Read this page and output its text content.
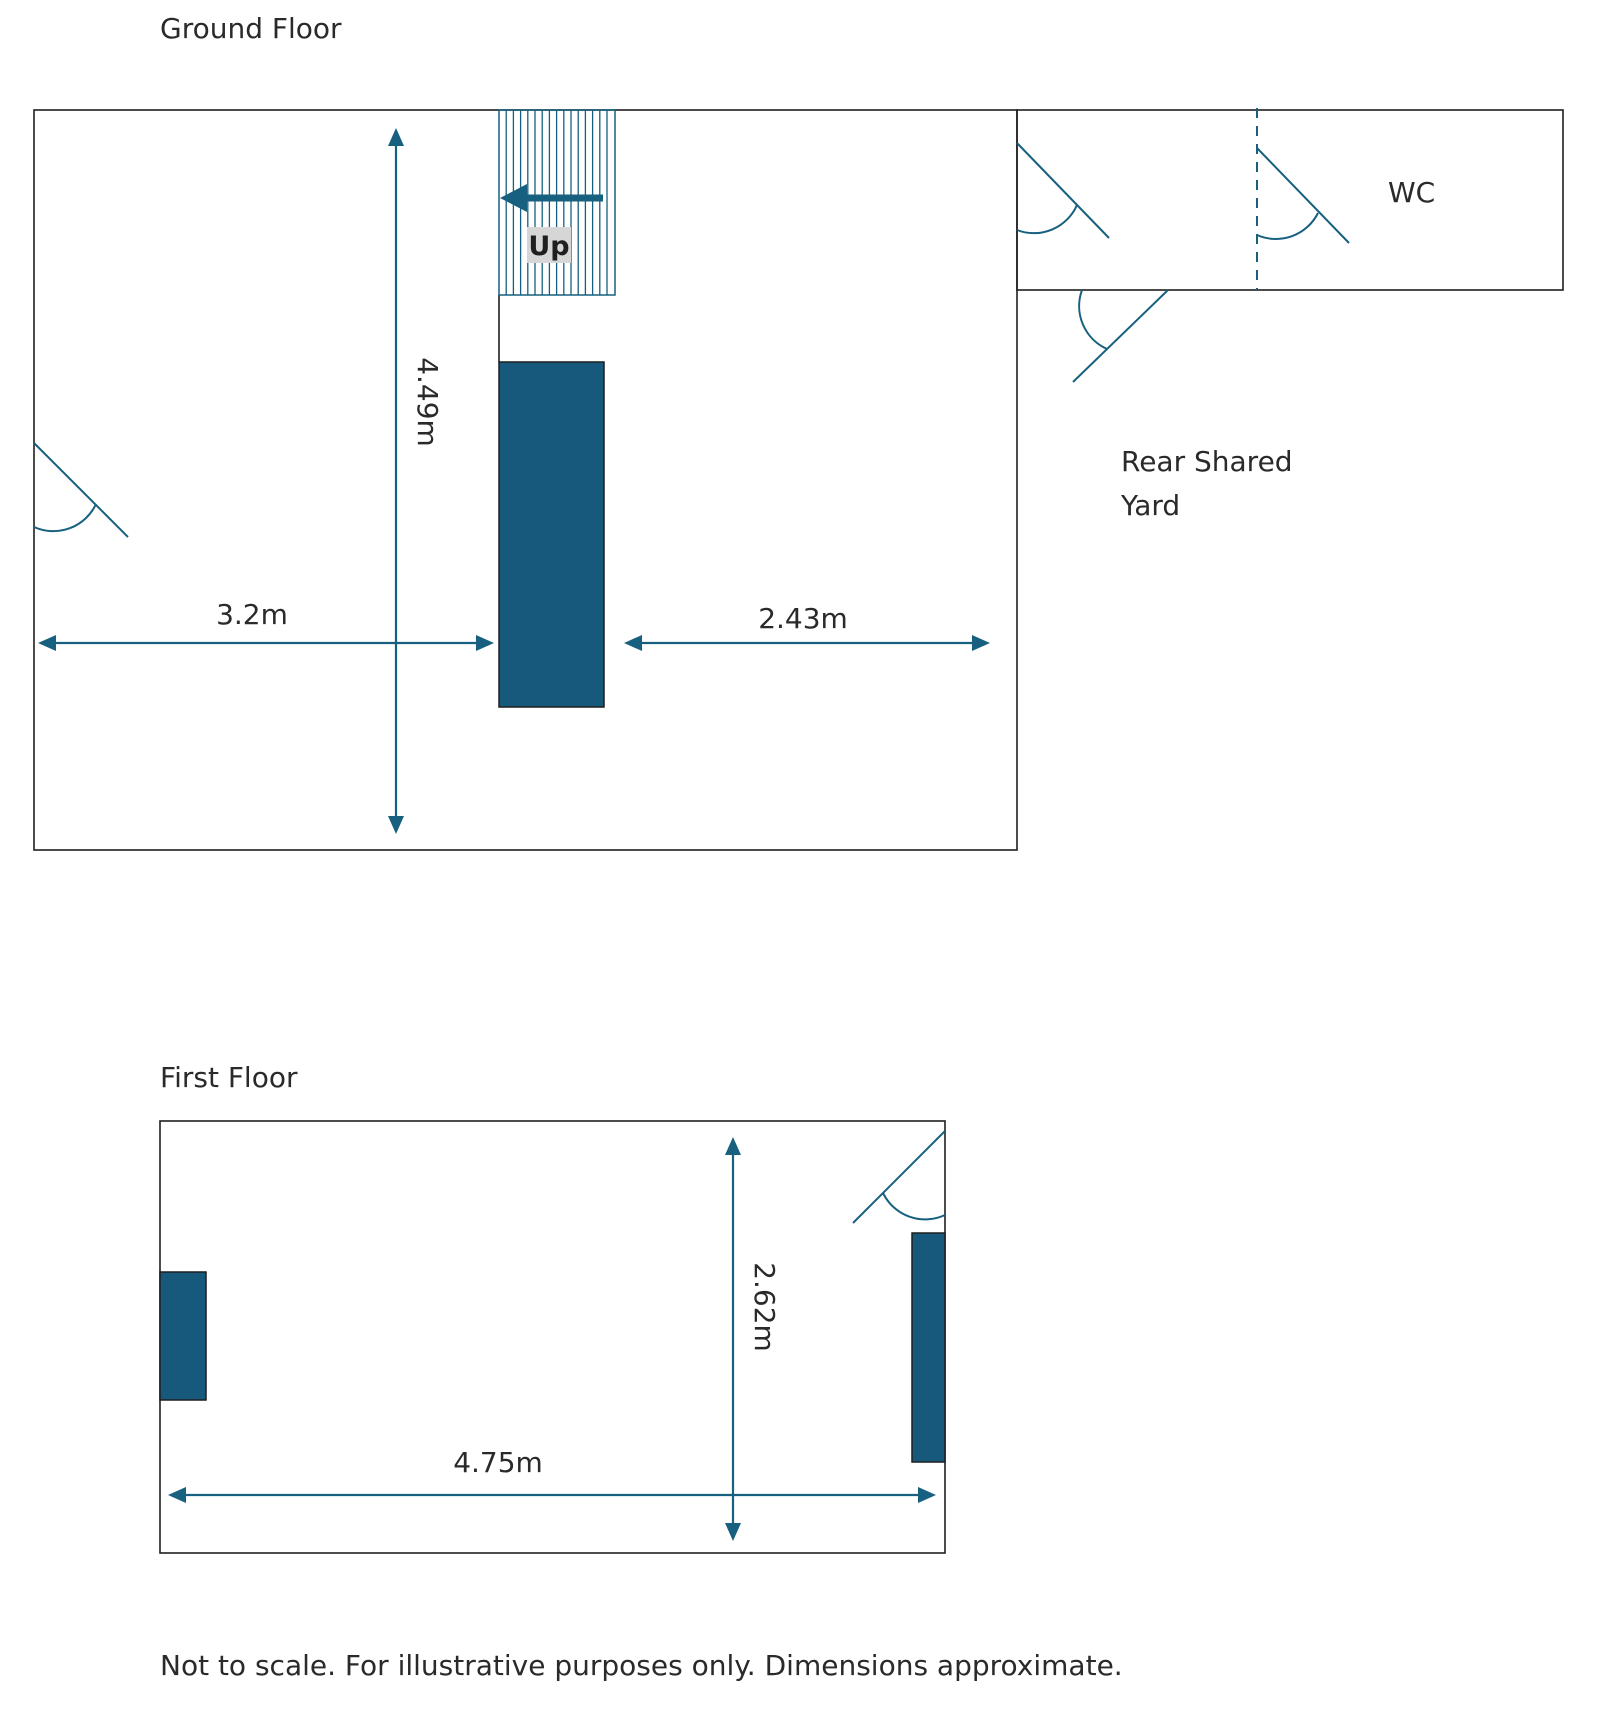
Ground Floor
Up
4.49m
3.2m	2.43m
WC
Rear Shared
Yard
First Floor
2.62m
4.75m
Not to scale. For illustrative purposes only. Dimensions approximate.
